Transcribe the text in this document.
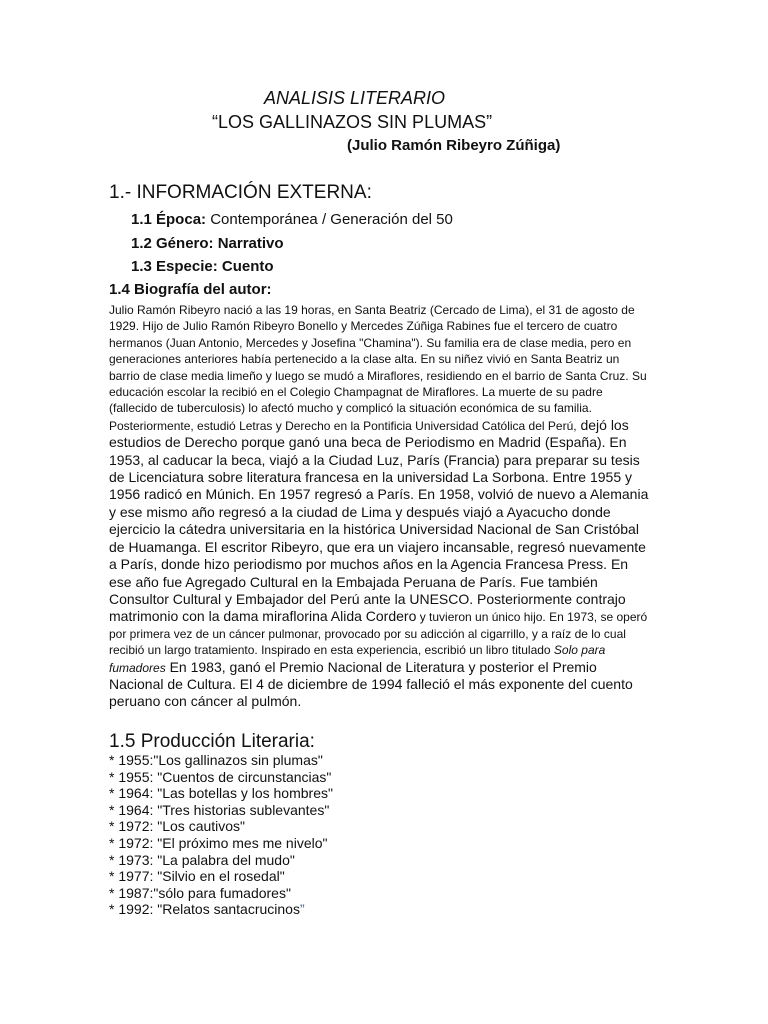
ANALISIS LITERARIO
“LOS GALLINAZOS SIN PLUMAS”
(Julio Ramón Ribeyro Zúñiga)
1.- INFORMACIÓN EXTERNA:
1.1 Época: Contemporánea / Generación del 50
1.2 Género: Narrativo
1.3 Especie: Cuento
1.4 Biografía del autor:

Julio Ramón Ribeyro nació a las 19 horas, en Santa Beatriz (Cercado de Lima), el 31 de agosto de 1929. Hijo de Julio Ramón Ribeyro Bonello y Mercedes Zúñiga Rabines fue el tercero de cuatro hermanos (Juan Antonio, Mercedes y Josefina "Chamina"). Su familia era de clase media, pero en generaciones anteriores había pertenecido a la clase alta. En su niñez vivió en Santa Beatriz un barrio de clase media limeño y luego se mudó a Miraflores, residiendo en el barrio de Santa Cruz. Su educación escolar la recibió en el Colegio Champagnat de Miraflores. La muerte de su padre (fallecido de tuberculosis) lo afectó mucho y complicó la situación económica de su familia. Posteriormente, estudió Letras y Derecho en la Pontificia Universidad Católica del Perú, dejó los estudios de Derecho porque ganó una beca de Periodismo en Madrid (España). En 1953, al caducar la beca, viajó a la Ciudad Luz, París (Francia) para preparar su tesis de Licenciatura sobre literatura francesa en la universidad La Sorbona. Entre 1955 y 1956 radicó en Múnich. En 1957 regresó a París. En 1958, volvió de nuevo a Alemania y ese mismo año regresó a la ciudad de Lima y después viajó a Ayacucho donde ejercicio la cátedra universitaria en la histórica Universidad Nacional de San Cristóbal de Huamanga. El escritor Ribeyro, que era un viajero incansable, regresó nuevamente a París, donde hizo periodismo por muchos años en la Agencia Francesa Press. En ese año fue Agregado Cultural en la Embajada Peruana de París. Fue también Consultor Cultural y Embajador del Perú ante la UNESCO. Posteriormente contrajo matrimonio con la dama miraflorina Alida Cordero y tuvieron un único hijo. En 1973, se operó por primera vez de un cáncer pulmonar, provocado por su adicción al cigarrillo, y a raíz de lo cual recibió un largo tratamiento. Inspirado en esta experiencia, escribió un libro titulado Solo para fumadores En 1983, ganó el Premio Nacional de Literatura y posterior el Premio Nacional de Cultura. El 4 de diciembre de 1994 falleció el más exponente del cuento peruano con cáncer al pulmón.

1.5 Producción Literaria:
* 1955:"Los gallinazos sin plumas"
* 1955: "Cuentos de circunstancias"
* 1964: "Las botellas y los hombres"
* 1964: "Tres historias sublevantes"
* 1972: "Los cautivos"
* 1972: "El próximo mes me nivelo"
* 1973: "La palabra del mudo"
* 1977: "Silvio en el rosedal"
* 1987:"sólo para fumadores"
* 1992: "Relatos santacrucinos”
